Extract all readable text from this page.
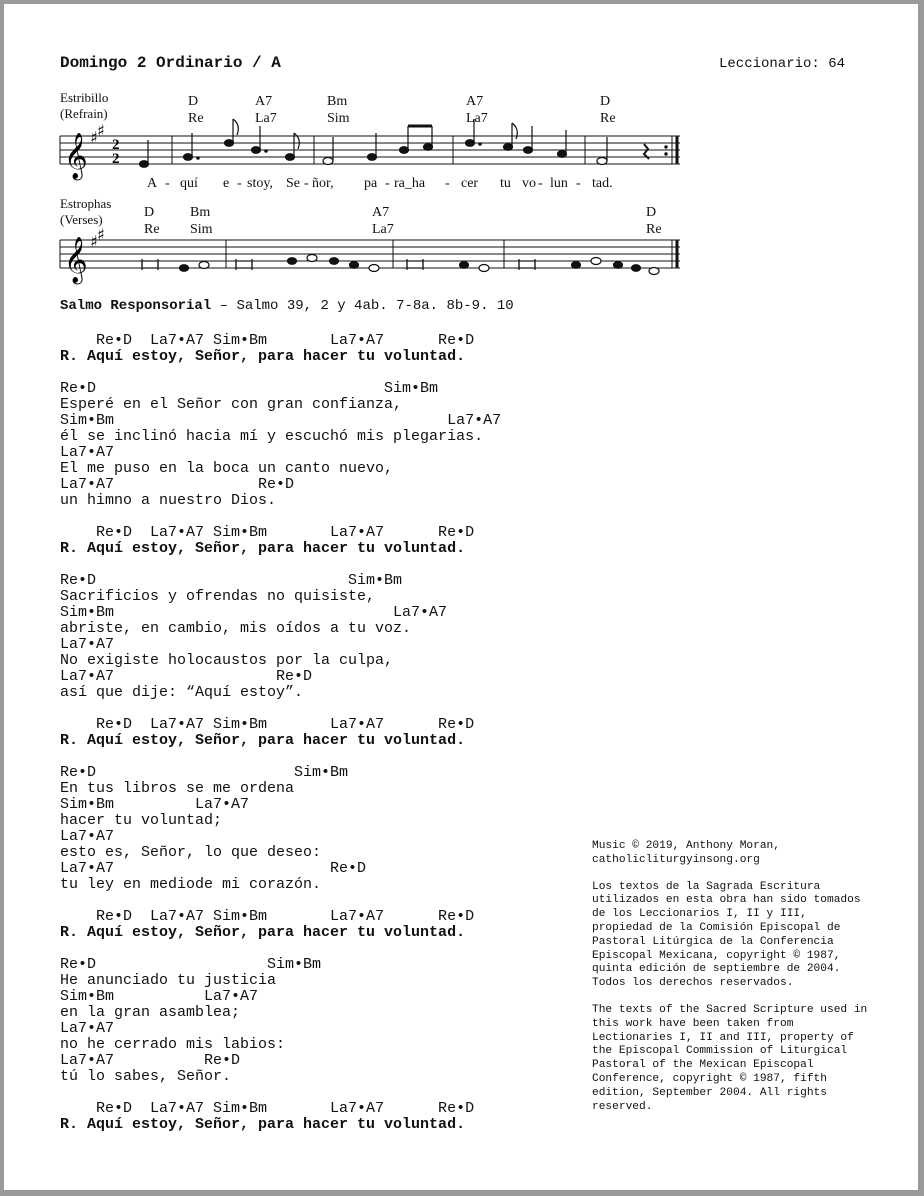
Domingo 2 Ordinario / A	Leccionario: 64
Estribillo
(Refrain)
D
Re
A7
La7
Bm
Sim
A7
La7
D
Re
𝄞 ♯ ♯
2
2
A - quí e - stoy, Se - ñor, pa - ra_ha - cer tu vo - lun - tad.
Estrophas
(Verses)	D
Re
Bm
Sim
A7
La7
D
Re
𝄞 ♯ ♯
Salmo Responsorial – Salmo 39, 2 y 4ab. 7-8a. 8b-9. 10
Re•D  La7•A7 Sim•Bm       La7•A7      Re•D
R. Aquí estoy, Señor, para hacer tu voluntad.
Re•D                                Sim•Bm
Esperé en el Señor con gran confianza,
Sim•Bm                                     La7•A7
él se inclinó hacia mí y escuchó mis plegarias.
La7•A7
El me puso en la boca un canto nuevo,
La7•A7                Re•D
un himno a nuestro Dios.
Re•D  La7•A7 Sim•Bm       La7•A7      Re•D
R. Aquí estoy, Señor, para hacer tu voluntad.
Re•D                            Sim•Bm
Sacrificios y ofrendas no quisiste,
Sim•Bm                               La7•A7
abriste, en cambio, mis oídos a tu voz.
La7•A7
No exigiste holocaustos por la culpa,
La7•A7                  Re•D
así que dije: “Aquí estoy”.
Re•D  La7•A7 Sim•Bm       La7•A7      Re•D
R. Aquí estoy, Señor, para hacer tu voluntad.
Re•D                      Sim•Bm
En tus libros se me ordena
Sim•Bm         La7•A7
hacer tu voluntad;
La7•A7
esto es, Señor, lo que deseo:
La7•A7                        Re•D
tu ley en mediode mi corazón.
Re•D  La7•A7 Sim•Bm       La7•A7      Re•D
R. Aquí estoy, Señor, para hacer tu voluntad.
Re•D                   Sim•Bm
He anunciado tu justicia
Sim•Bm          La7•A7
en la gran asamblea;
La7•A7
no he cerrado mis labios:
La7•A7          Re•D
tú lo sabes, Señor.
Re•D  La7•A7 Sim•Bm       La7•A7      Re•D
R. Aquí estoy, Señor, para hacer tu voluntad.

Music © 2019, Anthony Moran, catholicliturgyinsong.org

Los textos de la Sagrada Escritura utilizados en esta obra han sido tomados de los Leccionarios I, II y III, propiedad de la Comisión Episcopal de Pastoral Litúrgica de la Conferencia Episcopal Mexicana, copyright © 1987, quinta edición de septiembre de 2004. Todos los derechos reservados.

The texts of the Sacred Scripture used in this work have been taken from Lectionaries I, II and III, property of the Episcopal Commission of Liturgical Pastoral of the Mexican Episcopal Conference, copyright © 1987, fifth edition, September 2004. All rights reserved.
